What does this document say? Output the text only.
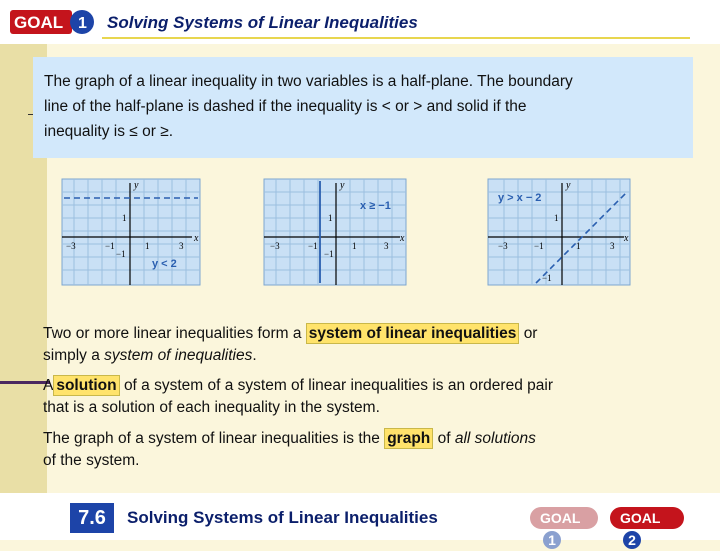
GOAL 1 Solving Systems of Linear Inequalities
The graph of a linear inequality in two variables is a half-plane. The boundary
line of the half-plane is dashed if the inequality is < or > and solid if the
inequality is ≤ or ≥.
x
y
−3	−1	1	3
1
−1
y < 2
x
y
−3	−1	1	3
1
−1
x ≥ −1
x
y
−3	−1	1	3
1
−1
y > x − 2
Two or more linear inequalities form a system of linear inequalities or
simply a system of inequalities.
A solution of a system of a system of linear inequalities is an ordered pair
that is a solution of each inequality in the system.
The graph of a system of linear inequalities is the graph of all solutions
of the system.
7.6	Solving Systems of Linear Inequalities	GOAL 1
GOAL 2
